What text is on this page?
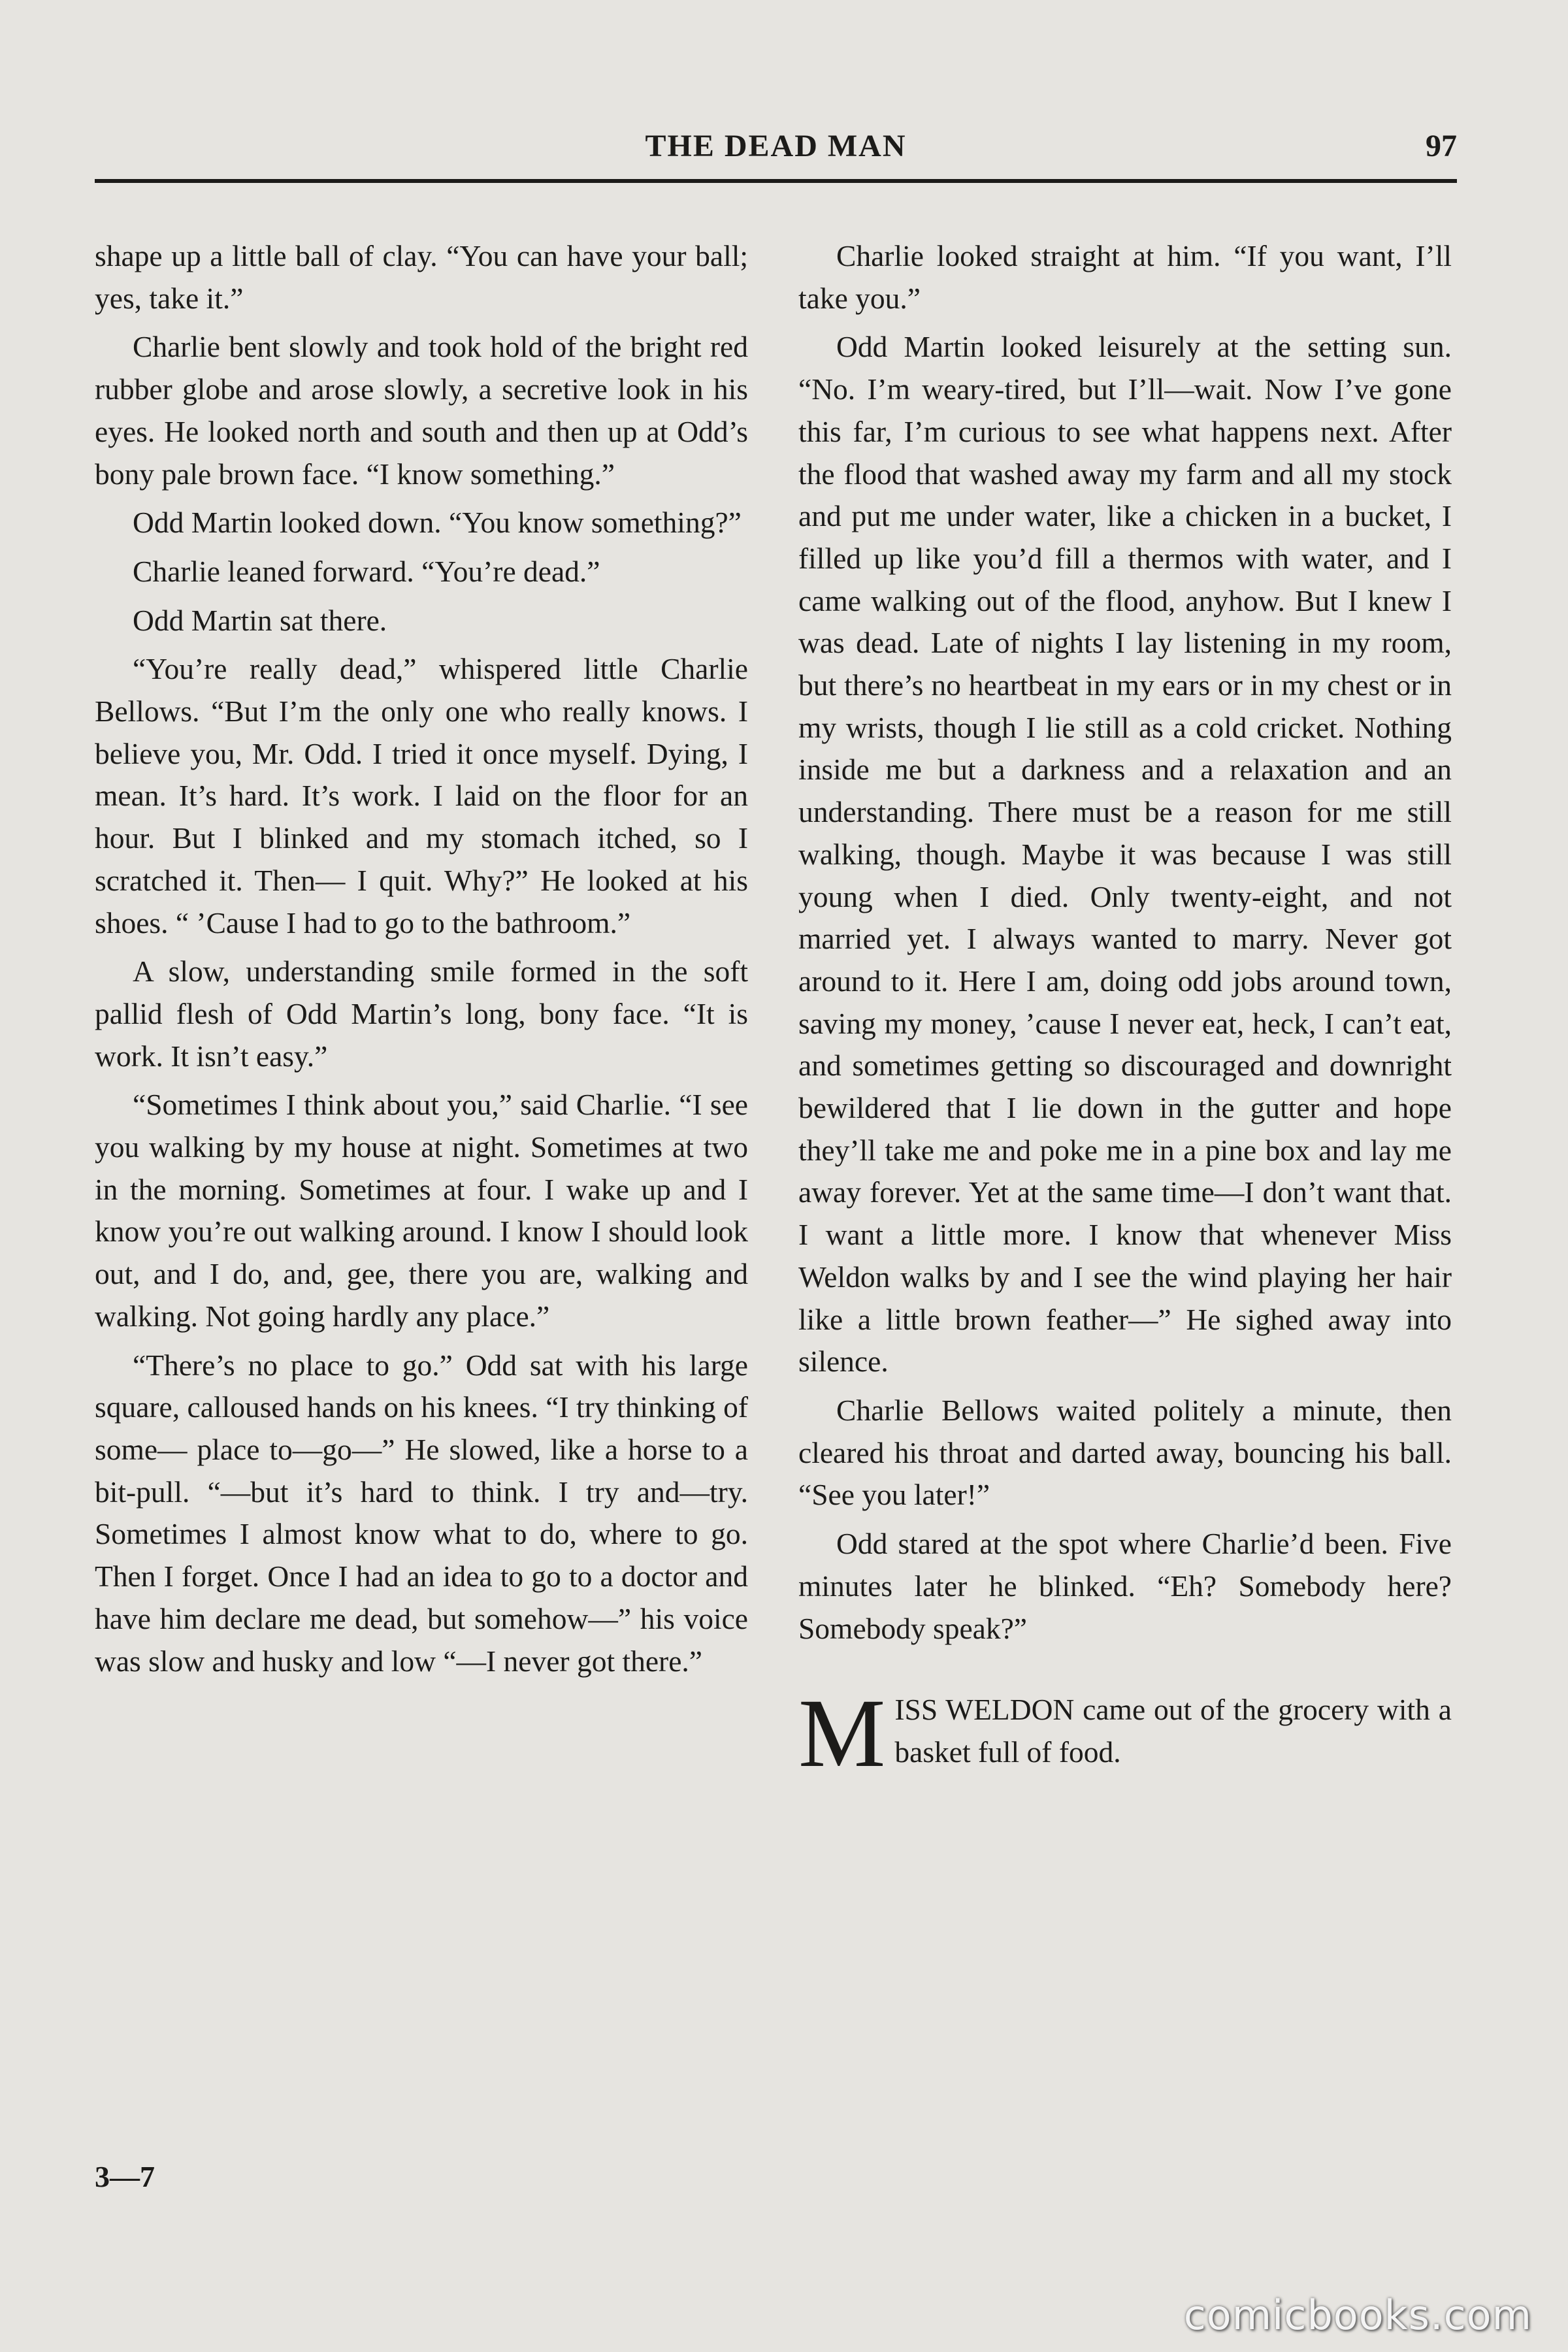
THE DEAD MAN	97

shape up a little ball of clay. “You can have your ball; yes, take it.”

Charlie bent slowly and took hold of the bright red rubber globe and arose slowly, a secretive look in his eyes. He looked north and south and then up at Odd’s bony pale brown face. “I know something.”

Odd Martin looked down. “You know something?”

Charlie leaned forward. “You’re dead.”

Odd Martin sat there.

“You’re really dead,” whispered little Charlie Bellows. “But I’m the only one who really knows. I believe you, Mr. Odd. I tried it once myself. Dying, I mean. It’s hard. It’s work. I laid on the floor for an hour. But I blinked and my stomach itched, so I scratched it. Then— I quit. Why?” He looked at his shoes. “ ’Cause I had to go to the bathroom.”

A slow, understanding smile formed in the soft pallid flesh of Odd Martin’s long, bony face. “It is work. It isn’t easy.”

“Sometimes I think about you,” said Charlie. “I see you walking by my house at night. Sometimes at two in the morning. Sometimes at four. I wake up and I know you’re out walking around. I know I should look out, and I do, and, gee, there you are, walking and walking. Not going hardly any place.”

“There’s no place to go.” Odd sat with his large square, calloused hands on his knees. “I try thinking of some— place to—go—” He slowed, like a horse to a bit-pull. “—but it’s hard to think. I try and—try. Sometimes I almost know what to do, where to go. Then I forget. Once I had an idea to go to a doctor and have him declare me dead, but somehow—” his voice was slow and husky and low “—I never got there.”

Charlie looked straight at him. “If you want, I’ll take you.”

Odd Martin looked leisurely at the setting sun. “No. I’m weary-tired, but I’ll—wait. Now I’ve gone this far, I’m curious to see what happens next. After the flood that washed away my farm and all my stock and put me under water, like a chicken in a bucket, I filled up like you’d fill a thermos with water, and I came walking out of the flood, anyhow. But I knew I was dead. Late of nights I lay listening in my room, but there’s no heartbeat in my ears or in my chest or in my wrists, though I lie still as a cold cricket. Nothing inside me but a darkness and a relaxation and an understanding. There must be a reason for me still walking, though. Maybe it was because I was still young when I died. Only twenty-eight, and not married yet. I always wanted to marry. Never got around to it. Here I am, doing odd jobs around town, saving my money, ’cause I never eat, heck, I can’t eat, and sometimes getting so discouraged and downright bewildered that I lie down in the gutter and hope they’ll take me and poke me in a pine box and lay me away forever. Yet at the same time—I don’t want that. I want a little more. I know that whenever Miss Weldon walks by and I see the wind playing her hair like a little brown feather—” He sighed away into silence.

Charlie Bellows waited politely a minute, then cleared his throat and darted away, bouncing his ball. “See you later!”

Odd stared at the spot where Charlie’d been. Five minutes later he blinked. “Eh? Somebody here? Somebody speak?”

MISS WELDON came out of the grocery with a basket full of food.

3—7
comicbooks.com
